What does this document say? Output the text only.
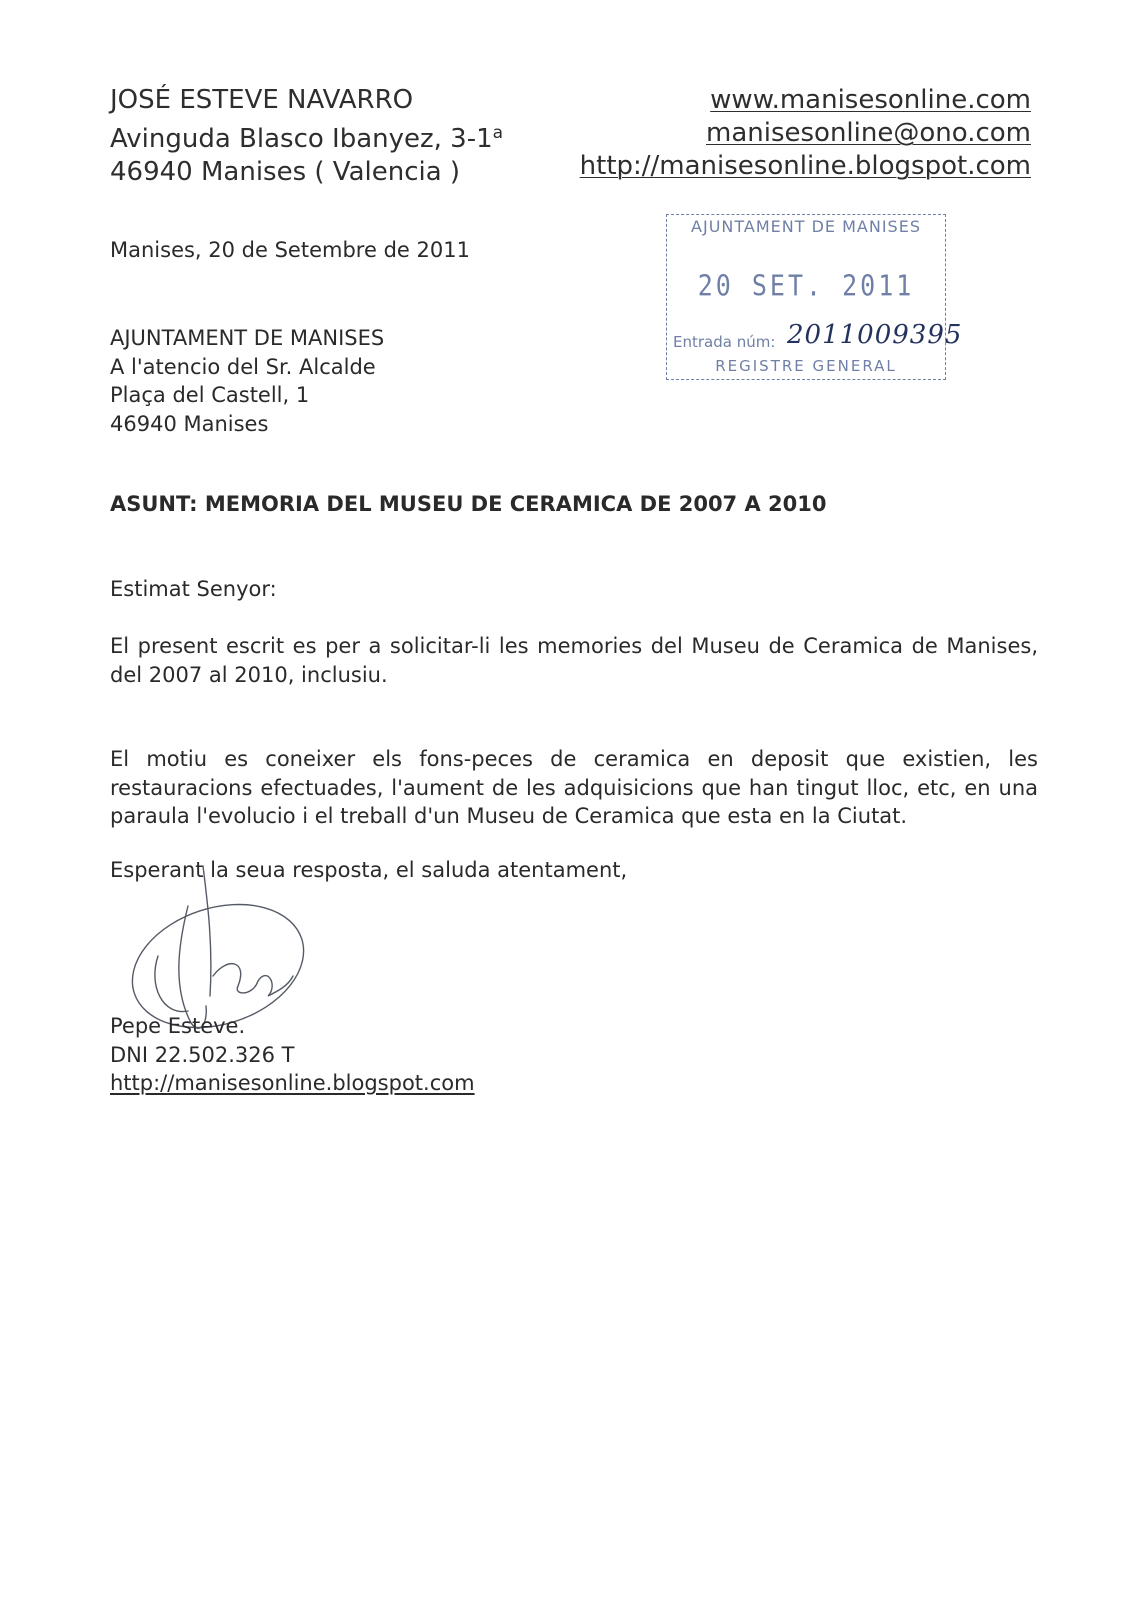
JOSÉ ESTEVE NAVARRO
Avinguda Blasco Ibanyez, 3-1$^a$
46940 Manises ( Valencia )
www.manisesonline.com
manisesonline@ono.com
http://manisesonline.blogspot.com
Manises, 20 de Setembre de 2011
AJUNTAMENT DE MANISES
20 SET. 2011
Entrada núm: 2011009395
REGISTRE GENERAL
AJUNTAMENT DE MANISES
A l'atencio del Sr. Alcalde
Plaça del Castell, 1
46940 Manises
ASUNT: MEMORIA DEL MUSEU DE CERAMICA DE 2007 A 2010
Estimat Senyor:
El present escrit es per a solicitar-li les memories del Museu de Ceramica de Manises, del 2007 al 2010, inclusiu.
El motiu es coneixer els fons-peces de ceramica en deposit que existien, les restauracions efectuades, l'aument de les adquisicions que han tingut lloc, etc, en una paraula l'evolucio i el treball d'un Museu de Ceramica que esta en la Ciutat.
Esperant la seua resposta, el saluda atentament,
Pepe Esteve.
DNI 22.502.326 T
http://manisesonline.blogspot.com
